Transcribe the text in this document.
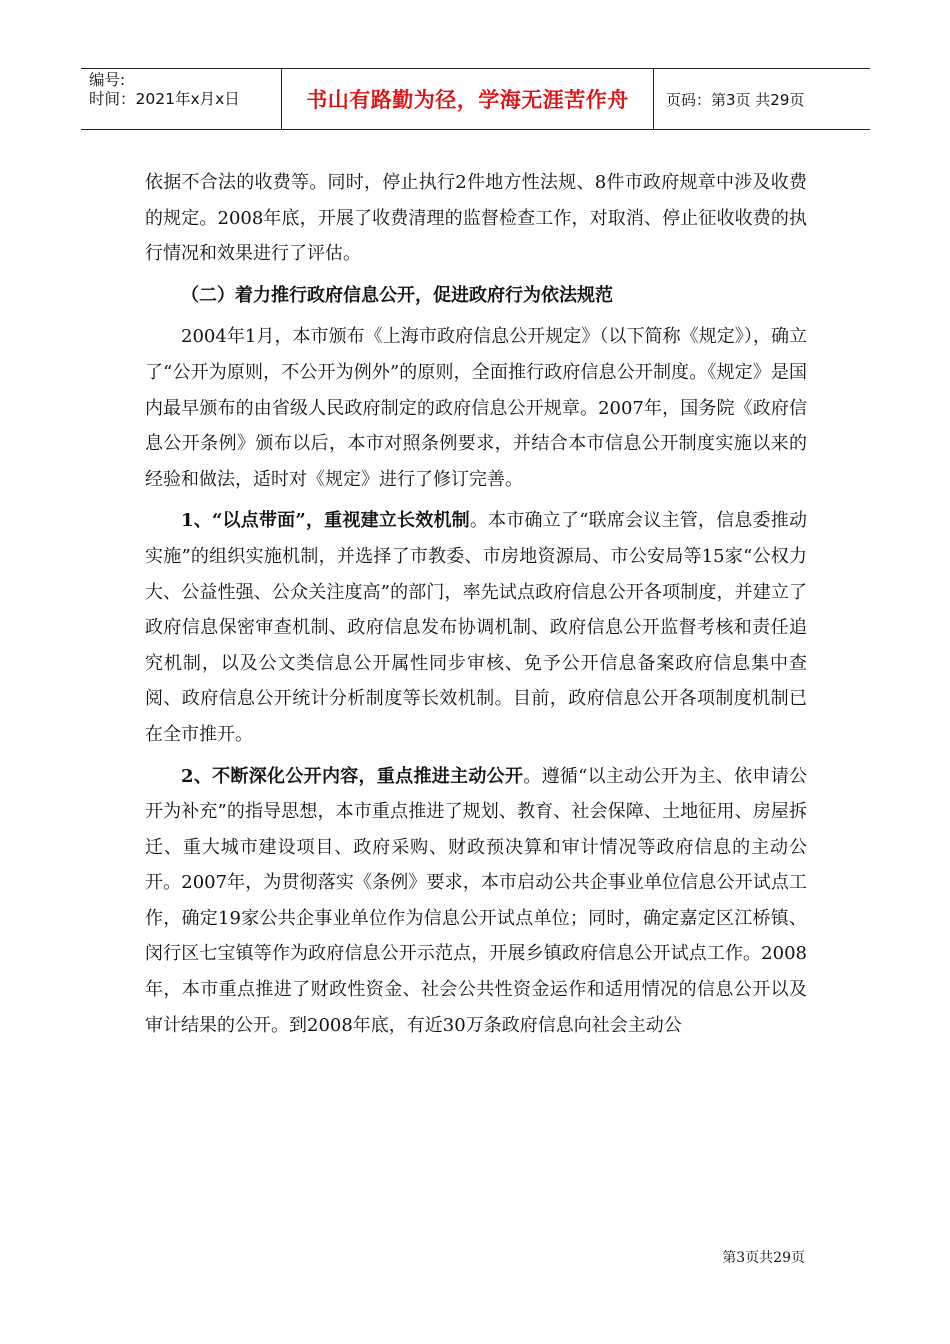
编号:
时间：2021年x月x日	书山有路勤为径，学海无涯苦作舟	页码：第3页 共29页

依据不合法的收费等。同时，停止执行2件地方性法规、8件市政府规章中涉及收费的规定。2008年底，开展了收费清理的监督检查工作，对取消、停止征收收费的执行情况和效果进行了评估。

（二）着力推行政府信息公开，促进政府行为依法规范

2004年1月，本市颁布《上海市政府信息公开规定》（以下简称《规定》），确立了“公开为原则，不公开为例外”的原则，全面推行政府信息公开制度。《规定》是国内最早颁布的由省级人民政府制定的政府信息公开规章。2007年，国务院《政府信息公开条例》颁布以后，本市对照条例要求，并结合本市信息公开制度实施以来的经验和做法，适时对《规定》进行了修订完善。

1、“以点带面”，重视建立长效机制。本市确立了“联席会议主管，信息委推动实施”的组织实施机制，并选择了市教委、市房地资源局、市公安局等15家“公权力大、公益性强、公众关注度高”的部门，率先试点政府信息公开各项制度，并建立了政府信息保密审查机制、政府信息发布协调机制、政府信息公开监督考核和责任追究机制，以及公文类信息公开属性同步审核、免予公开信息备案政府信息集中查阅、政府信息公开统计分析制度等长效机制。目前，政府信息公开各项制度机制已在全市推开。

2、不断深化公开内容，重点推进主动公开。遵循“以主动公开为主、依申请公开为补充”的指导思想，本市重点推进了规划、教育、社会保障、土地征用、房屋拆迁、重大城市建设项目、政府采购、财政预决算和审计情况等政府信息的主动公开。2007年，为贯彻落实《条例》要求，本市启动公共企事业单位信息公开试点工作，确定19家公共企事业单位作为信息公开试点单位；同时，确定嘉定区江桥镇、闵行区七宝镇等作为政府信息公开示范点，开展乡镇政府信息公开试点工作。2008年，本市重点推进了财政性资金、社会公共性资金运作和适用情况的信息公开以及审计结果的公开。到2008年底，有近30万条政府信息向社会主动公

第3页共29页
